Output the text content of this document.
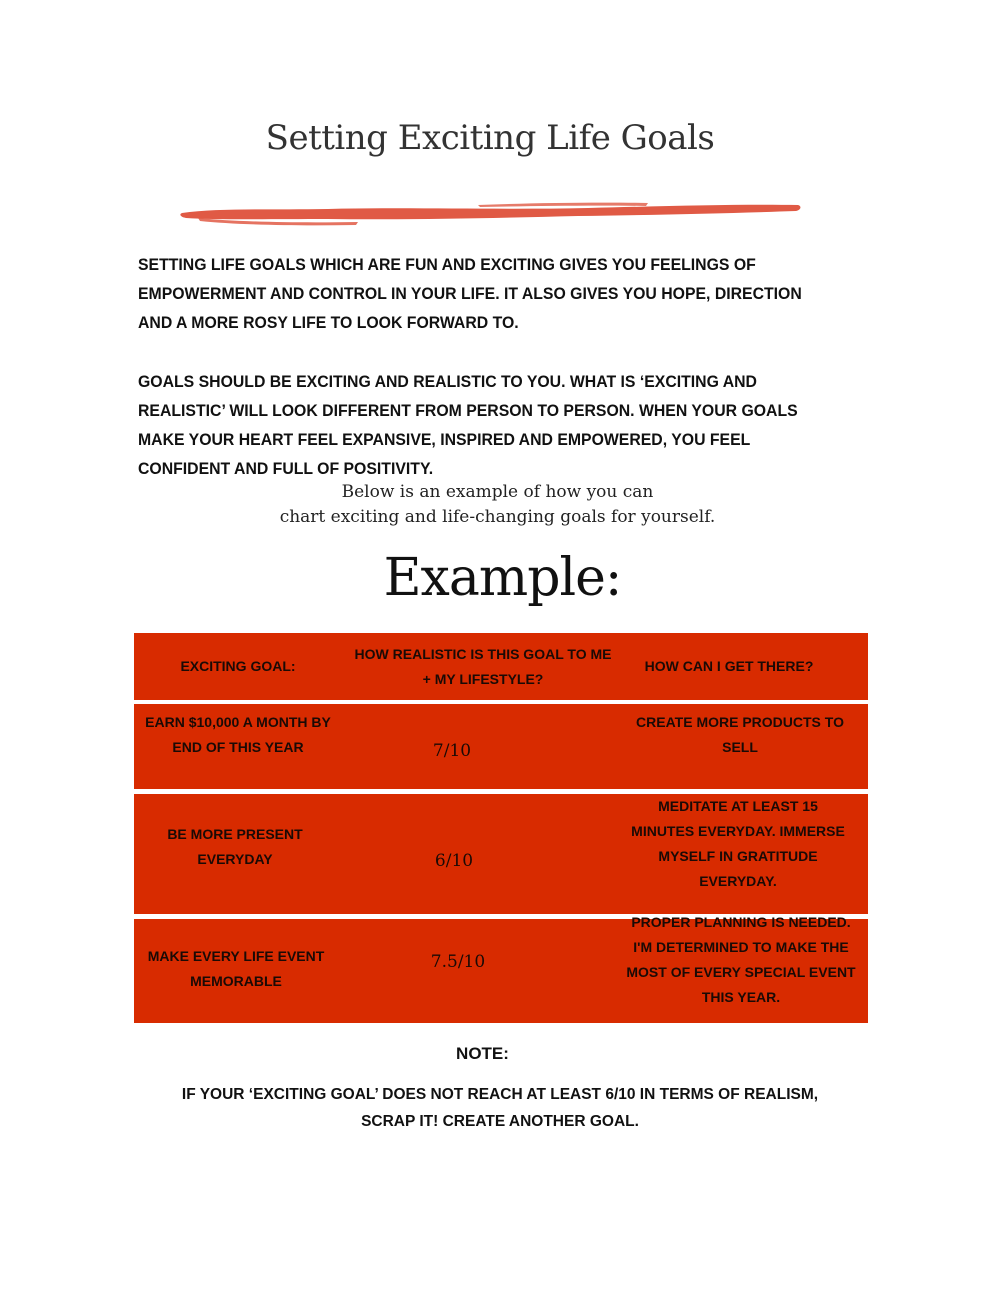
Setting Exciting Life Goals

SETTING LIFE GOALS WHICH ARE FUN AND EXCITING GIVES YOU FEELINGS OF EMPOWERMENT AND CONTROL IN YOUR LIFE. IT ALSO GIVES YOU HOPE, DIRECTION AND A MORE ROSY LIFE TO LOOK FORWARD TO.

GOALS SHOULD BE EXCITING AND REALISTIC TO YOU. WHAT IS ‘EXCITING AND REALISTIC’ WILL LOOK DIFFERENT FROM PERSON TO PERSON. WHEN YOUR GOALS MAKE YOUR HEART FEEL EXPANSIVE, INSPIRED AND EMPOWERED, YOU FEEL CONFIDENT AND FULL OF POSITIVITY.

Below is an example of how you can
chart exciting and life-changing goals for yourself.
Example:
EXCITING GOAL:
HOW REALISTIC IS THIS GOAL TO ME + MY LIFESTYLE?
HOW CAN I GET THERE?
EARN $10,000 A MONTH BY END OF THIS YEAR	7/10
CREATE MORE PRODUCTS TO SELL
BE MORE PRESENT EVERYDAY	6/10
MEDITATE AT LEAST 15 MINUTES EVERYDAY. IMMERSE MYSELF IN GRATITUDE EVERYDAY.
MAKE EVERY LIFE EVENT MEMORABLE
7.5/10
PROPER PLANNING IS NEEDED. I'M DETERMINED TO MAKE THE MOST OF EVERY SPECIAL EVENT THIS YEAR.
NOTE:
IF YOUR ‘EXCITING GOAL’ DOES NOT REACH AT LEAST 6/10 IN TERMS OF REALISM, SCRAP IT! CREATE ANOTHER GOAL.
